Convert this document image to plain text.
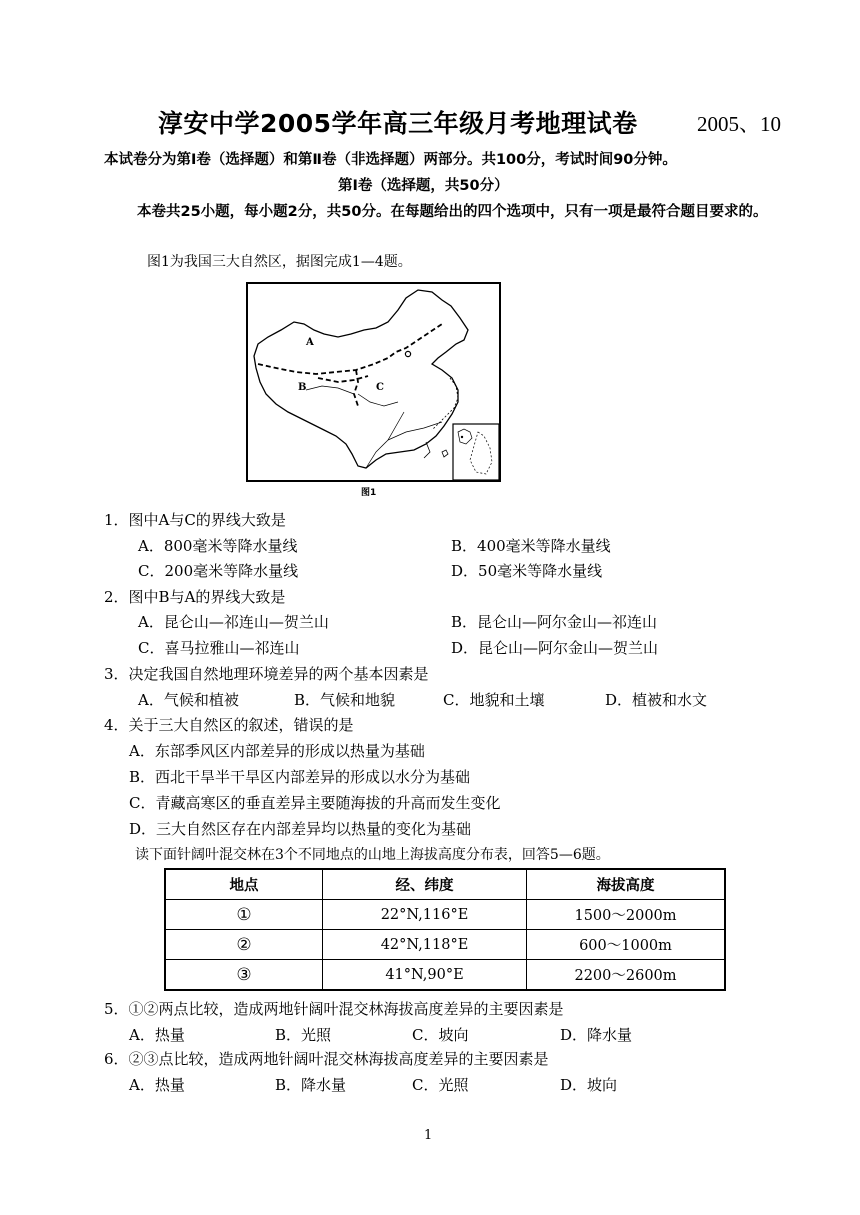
淳安中学2005学年高三年级月考地理试卷	2005、10
本试卷分为第Ⅰ卷（选择题）和第Ⅱ卷（非选择题）两部分。共100分，考试时间90分钟。
第Ⅰ卷（选择题，共50分）
本卷共25小题，每小题2分，共50分。在每题给出的四个选项中，只有一项是最符合题目要求的。
图1为我国三大自然区，据图完成1—4题。
A
B	C
图1
1．图中A与C的界线大致是
A．800毫米等降水量线	B．400毫米等降水量线
C．200毫米等降水量线	D．50毫米等降水量线
2．图中B与A的界线大致是
A．昆仑山—祁连山—贺兰山	B．昆仑山—阿尔金山—祁连山
C．喜马拉雅山—祁连山	D．昆仑山—阿尔金山—贺兰山
3．决定我国自然地理环境差异的两个基本因素是
A．气候和植被	B．气候和地貌	C．地貌和土壤	D．植被和水文
4．关于三大自然区的叙述，错误的是
A．东部季风区内部差异的形成以热量为基础
B．西北干旱半干旱区内部差异的形成以水分为基础
C．青藏高寒区的垂直差异主要随海拔的升高而发生变化
D．三大自然区存在内部差异均以热量的变化为基础
读下面针阔叶混交林在3个不同地点的山地上海拔高度分布表，回答5—6题。
地点	经、纬度	海拔高度
①	22°N,116°E	1500～2000m
②	42°N,118°E	600～1000m
③	41°N,90°E	2200～2600m
5．①②两点比较，造成两地针阔叶混交林海拔高度差异的主要因素是
A．热量	B．光照	C．坡向	D．降水量
6．②③点比较，造成两地针阔叶混交林海拔高度差异的主要因素是
A．热量	B．降水量	C．光照	D．坡向
1
